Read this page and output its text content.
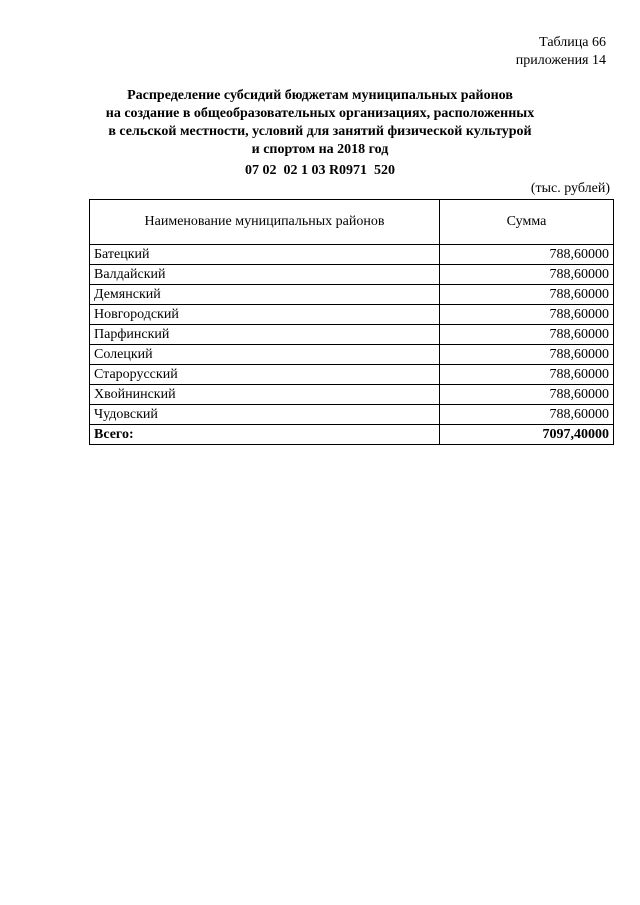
Таблица 66
приложения 14
Распределение субсидий бюджетам муниципальных районов
на создание в общеобразовательных организациях, расположенных
в сельской местности, условий для занятий физической культурой
и спортом на 2018 год
07 02  02 1 03 R0971  520
(тыс. рублей)
Наименование муниципальных районов	Сумма
Батецкий	788,60000
Валдайский	788,60000
Демянский	788,60000
Новгородский	788,60000
Парфинский	788,60000
Солецкий	788,60000
Старорусский	788,60000
Хвойнинский	788,60000
Чудовский	788,60000
Всего:	7097,40000
